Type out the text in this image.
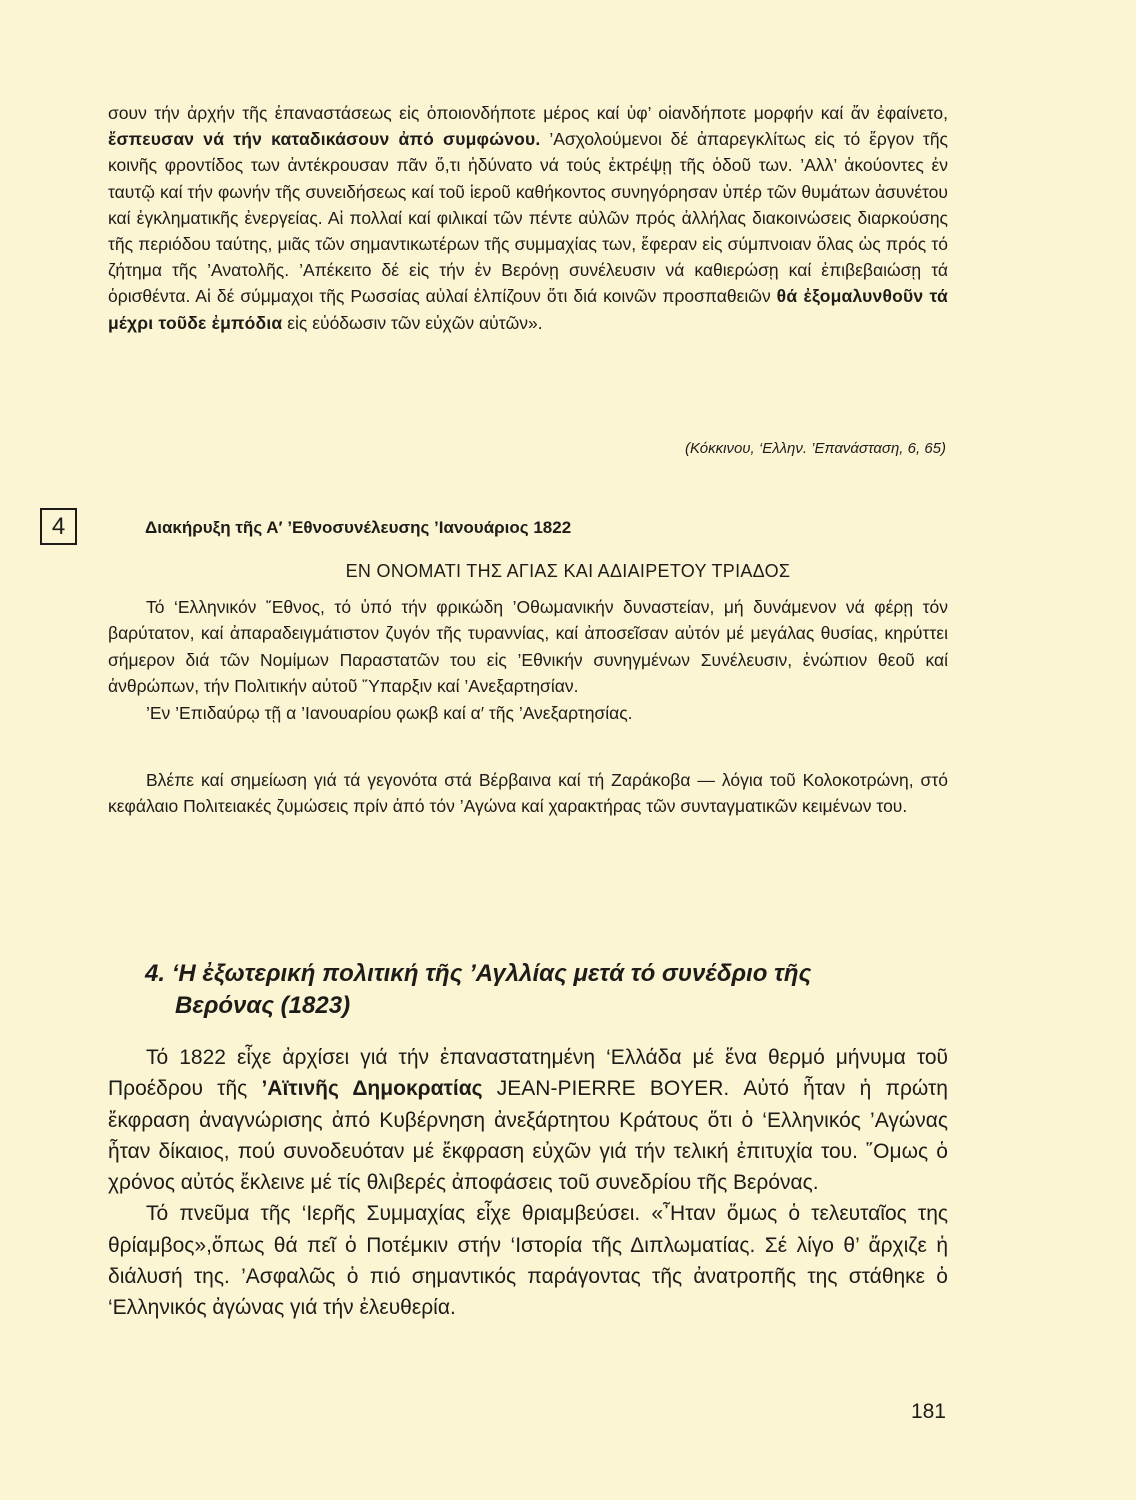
σουν τήν ἀρχήν τῆς ἐπαναστάσεως εἰς ὁποιονδήποτε μέρος καί ὑφ’ οἱανδήποτε μορφήν καί ἄν ἐφαίνετο, ἔσπευσαν νά τήν καταδικάσουν ἀπό συμφώνου. ’Ασχολούμενοι δέ ἀπαρεγκλίτως εἰς τό ἔργον τῆς κοινῆς φροντίδος των ἀντέκρουσαν πᾶν ὅ,τι ἠδύνατο νά τούς ἐκτρέψῃ τῆς ὁδοῦ των. ’Αλλ’ ἀκούοντες ἐν ταυτῷ καί τήν φωνήν τῆς συνειδήσεως καί τοῦ ἱεροῦ καθήκοντος συνηγόρησαν ὑπέρ τῶν θυμάτων ἀσυνέτου καί ἐγκληματικῆς ἐνεργείας. Αἱ πολλαί καί φιλικαί τῶν πέντε αὐλῶν πρός ἀλλήλας διακοινώσεις διαρκούσης τῆς περιόδου ταύτης, μιᾶς τῶν σημαντικωτέρων τῆς συμμαχίας των, ἔφεραν εἰς σύμπνοιαν ὅλας ὡς πρός τό ζήτημα τῆς ’Ανατολῆς. ’Απέκειτο δέ εἰς τήν ἐν Βερόνῃ συνέλευσιν νά καθιερώσῃ καί ἐπιβεβαιώσῃ τά ὁρισθέντα. Αἱ δέ σύμμαχοι τῆς Ρωσσίας αὐλαί ἐλπίζουν ὅτι διά κοινῶν προσπαθειῶν θά ἐξομαλυνθοῦν τά μέχρι τοῦδε ἐμπόδια εἰς εὐόδωσιν τῶν εὐχῶν αὐτῶν».

(Κόκκινου, ‘Ελλην. ’Επανάσταση, 6, 65)
4	Διακήρυξη τῆς Α′ ’Εθνοσυνέλευσης ’Ιανουάριος 1822
ΕΝ ΟΝΟΜΑΤΙ ΤΗΣ ΑΓΙΑΣ ΚΑΙ ΑΔΙΑΙΡΕΤΟΥ ΤΡΙΑΔΟΣ

Τό ‘Ελληνικόν ῎Εθνος, τό ὑπό τήν φρικώδη ’Οθωμανικήν δυναστείαν, μή δυνάμενον νά φέρῃ τόν βαρύτατον, καί ἀπαραδειγμάτιστον ζυγόν τῆς τυραννίας, καί ἀποσεῖσαν αὐτόν μέ μεγάλας θυσίας, κηρύττει σήμερον διά τῶν Νομίμων Παραστατῶν του εἰς ’Εθνικήν συνηγμένων Συνέλευσιν, ἐνώπιον θεοῦ καί ἀνθρώπων, τήν Πολιτικήν αὐτοῦ ῞Υπαρξιν καί ’Ανεξαρτησίαν.

’Εν ’Επιδαύρῳ τῇ α ’Ιανουαρίου ϙωκβ καί α′ τῆς ’Ανεξαρτησίας.

Βλέπε καί σημείωση γιά τά γεγονότα στά Βέρβαινα καί τή Ζαράκοβα — λόγια τοῦ Κολοκοτρώνη, στό κεφάλαιο Πολιτειακές ζυμώσεις πρίν ἀπό τόν ’Αγώνα καί χαρακτήρας τῶν συνταγματικῶν κειμένων του.

4. ‘Η ἐξωτερική πολιτική τῆς ’Αγλλίας μετά τό συνέδριο τῆς
Βερόνας (1823)

Τό 1822 εἶχε ἀρχίσει γιά τήν ἐπαναστατημένη ‘Ελλάδα μέ ἕνα θερμό μήνυμα τοῦ Προέδρου τῆς ’Αϊτινῆς Δημοκρατίας JEAN-PIERRE BOYER. Αὐτό ἦταν ἡ πρώτη ἔκφραση ἀναγνώρισης ἀπό Κυβέρνηση ἀνεξάρτητου Κράτους ὅτι ὁ ‘Ελληνικός ’Αγώνας ἦταν δίκαιος, πού συνοδευόταν μέ ἔκφραση εὐχῶν γιά τήν τελική ἐπιτυχία του. ῞Ομως ὁ χρόνος αὐτός ἔκλεινε μέ τίς θλιβερές ἀποφάσεις τοῦ συνεδρίου τῆς Βερόνας.

Τό πνεῦμα τῆς ‘Ιερῆς Συμμαχίας εἶχε θριαμβεύσει. «῏Ηταν ὅμως ὁ τελευταῖος της θρίαμβος»,ὅπως θά πεῖ ὁ Ποτέμκιν στήν ‘Ιστορία τῆς Διπλωματίας. Σέ λίγο θ’ ἄρχιζε ἡ διάλυσή της. ’Ασφαλῶς ὁ πιό σημαντικός παράγοντας τῆς ἀνατροπῆς της στάθηκε ὁ ‘Ελληνικός ἀγώνας γιά τήν ἐλευθερία.

181
